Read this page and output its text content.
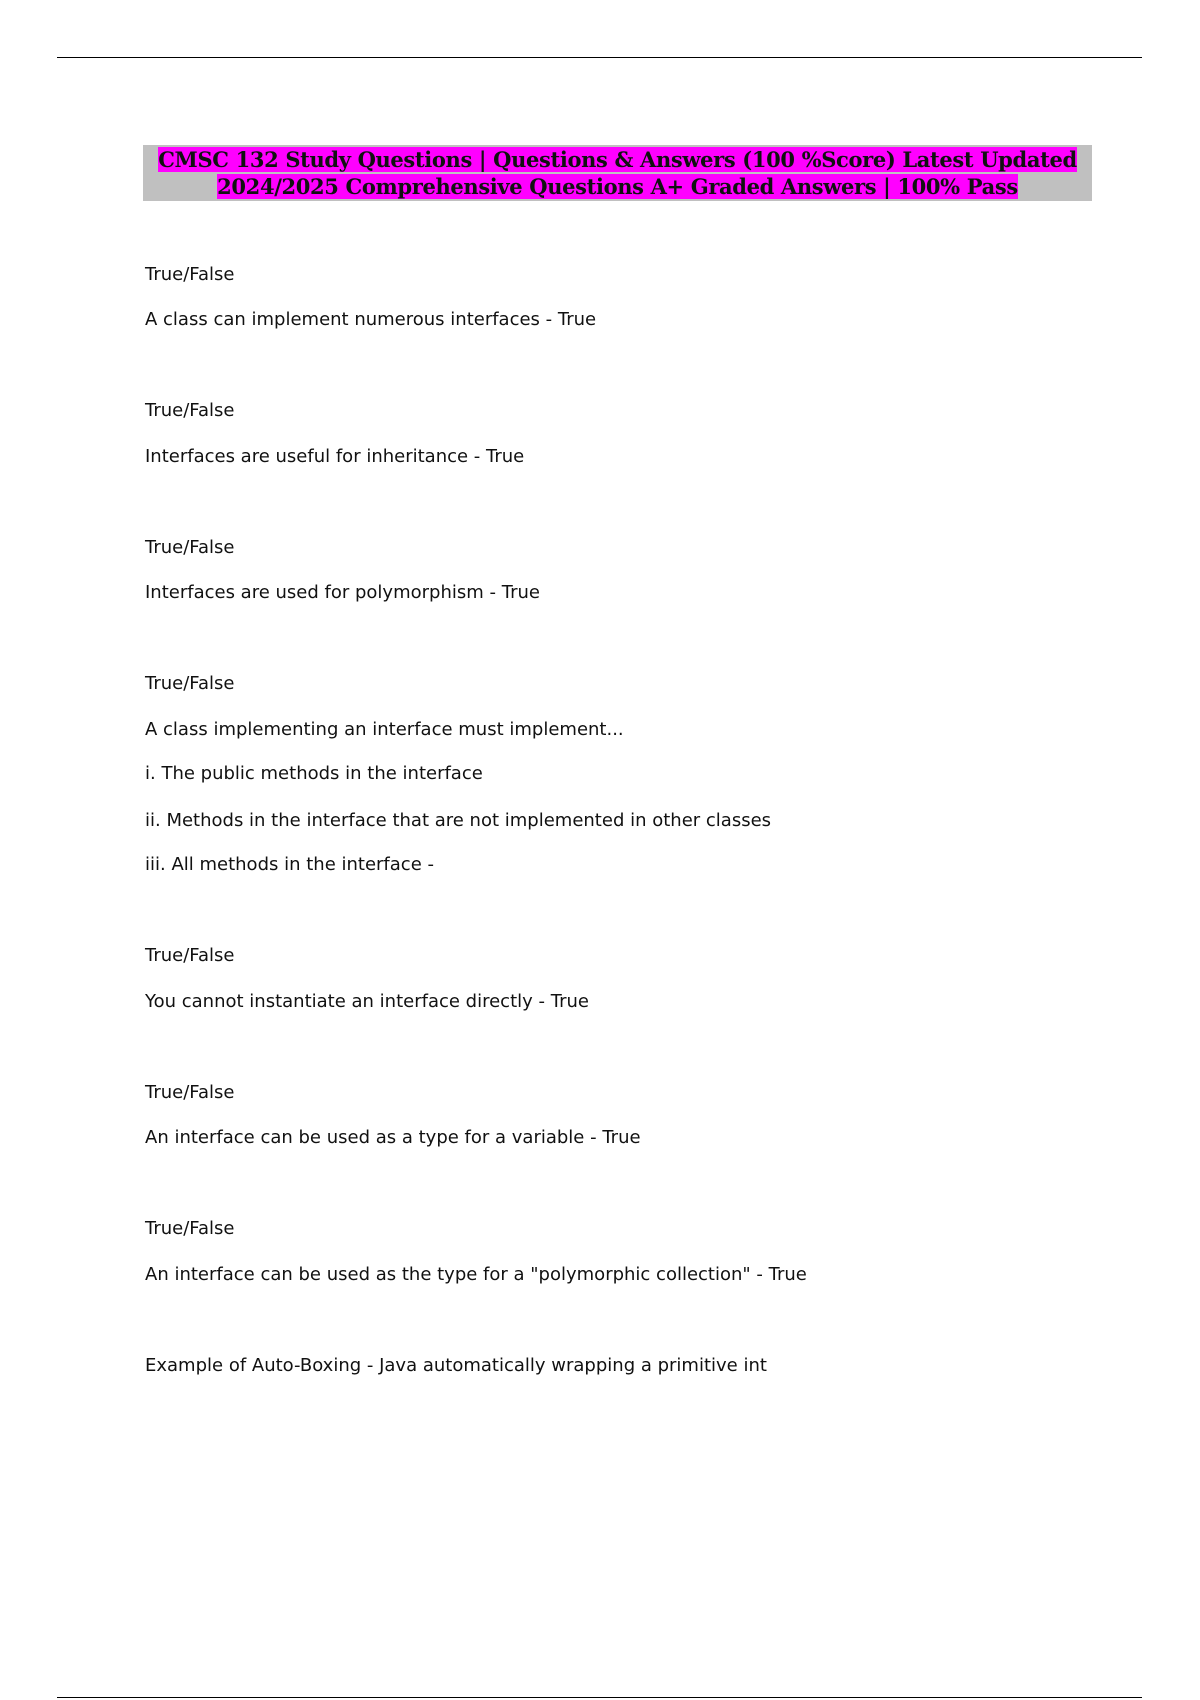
CMSC 132 Study Questions | Questions & Answers (100 %Score) Latest Updated
2024/2025 Comprehensive Questions A+ Graded Answers | 100% Pass
True/False
A class can implement numerous interfaces - True
True/False
Interfaces are useful for inheritance - True
True/False
Interfaces are used for polymorphism - True
True/False
A class implementing an interface must implement...
i. The public methods in the interface
ii. Methods in the interface that are not implemented in other classes
iii. All methods in the interface -
True/False
You cannot instantiate an interface directly - True
True/False
An interface can be used as a type for a variable - True
True/False
An interface can be used as the type for a "polymorphic collection" - True
Example of Auto-Boxing - Java automatically wrapping a primitive int
